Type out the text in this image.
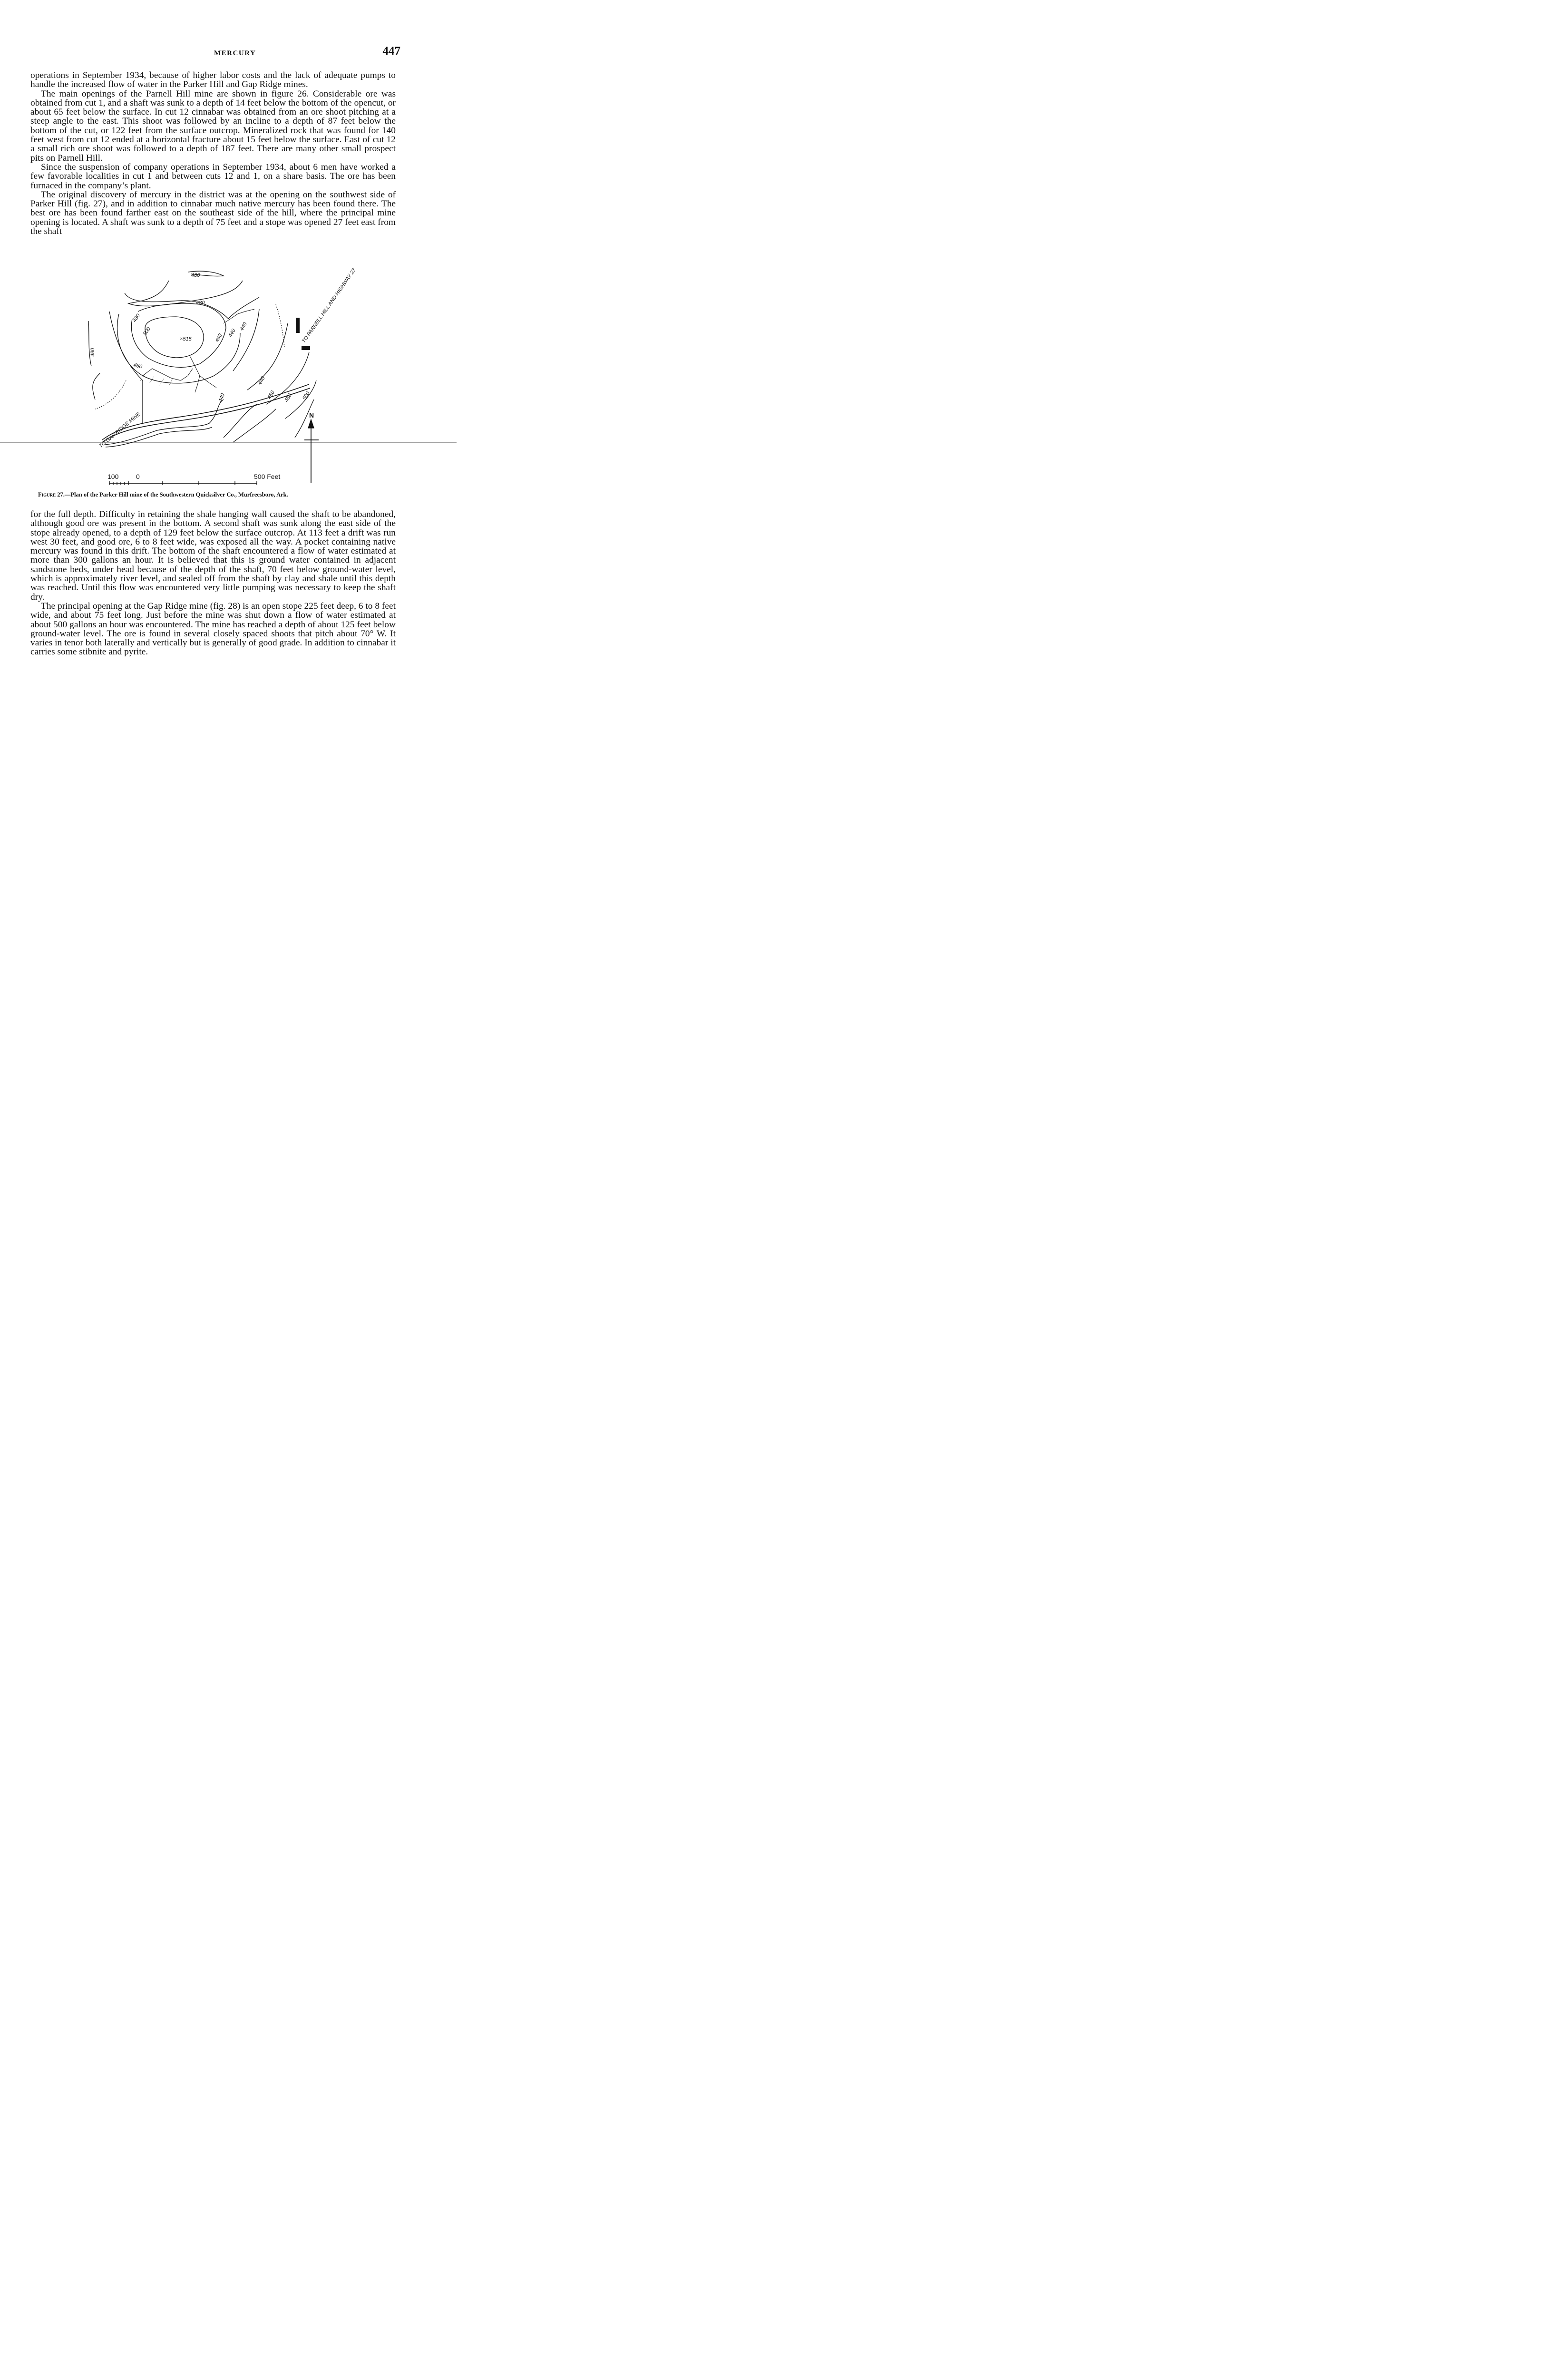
MERCURY	447

operations in September 1934, because of higher labor costs and the lack of adequate pumps to handle the increased flow of water in the Parker Hill and Gap Ridge mines.

The main openings of the Parnell Hill mine are shown in figure 26. Considerable ore was obtained from cut 1, and a shaft was sunk to a depth of 14 feet below the bottom of the opencut, or about 65 feet below the surface. In cut 12 cinnabar was obtained from an ore shoot pitching at a steep angle to the east. This shoot was followed by an incline to a depth of 87 feet below the bottom of the cut, or 122 feet from the surface outcrop. Mineralized rock that was found for 140 feet west from cut 12 ended at a horizontal fracture about 15 feet below the surface. East of cut 12 a small rich ore shoot was followed to a depth of 187 feet. There are many other small prospect pits on Parnell Hill.

Since the suspension of company operations in September 1934, about 6 men have worked a few favorable localities in cut 1 and between cuts 12 and 1, on a share basis. The ore has been furnaced in the company’s plant.

The original discovery of mercury in the district was at the opening on the southwest side of Parker Hill (fig. 27), and in addition to cinnabar much native mercury has been found there. The best ore has been found farther east on the southeast side of the hill, where the principal mine opening is located. A shaft was sunk to a depth of 75 feet and a stope was opened 27 feet east from the shaft

480
480
480
480
500
460
460
440
440
440
440
460 480 500
×515	TO PARNELL HILL AND HIGHWAY 27
TO GAP RIDGE MINE	N
100	0	500 Feet
Figure 27.—Plan of the Parker Hill mine of the Southwestern Quicksilver Co., Murfreesboro, Ark.

for the full depth. Difficulty in retaining the shale hanging wall caused the shaft to be abandoned, although good ore was present in the bottom. A second shaft was sunk along the east side of the stope already opened, to a depth of 129 feet below the surface outcrop. At 113 feet a drift was run west 30 feet, and good ore, 6 to 8 feet wide, was exposed all the way. A pocket containing native mercury was found in this drift. The bottom of the shaft encountered a flow of water estimated at more than 300 gallons an hour. It is believed that this is ground water contained in adjacent sandstone beds, under head because of the depth of the shaft, 70 feet below ground-water level, which is approximately river level, and sealed off from the shaft by clay and shale until this depth was reached. Until this flow was encountered very little pumping was necessary to keep the shaft dry.

The principal opening at the Gap Ridge mine (fig. 28) is an open stope 225 feet deep, 6 to 8 feet wide, and about 75 feet long. Just before the mine was shut down a flow of water estimated at about 500 gallons an hour was encountered. The mine has reached a depth of about 125 feet below ground-water level. The ore is found in several closely spaced shoots that pitch about 70° W. It varies in tenor both laterally and vertically but is generally of good grade. In addition to cinnabar it carries some stibnite and pyrite.
